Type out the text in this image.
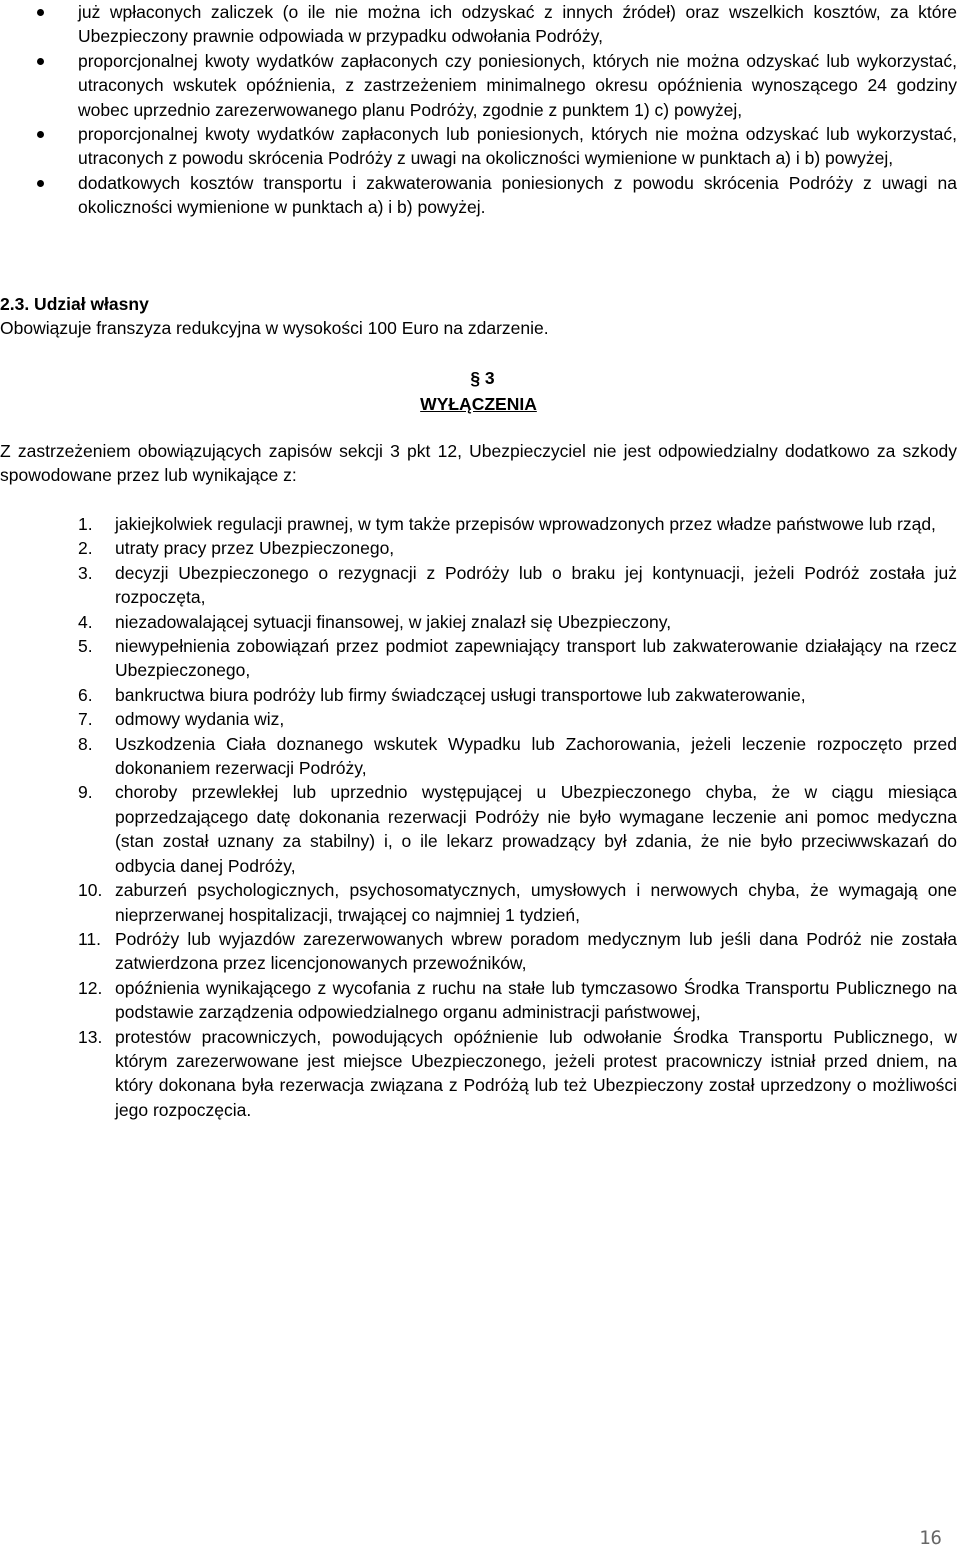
już wpłaconych zaliczek (o ile nie można ich odzyskać z innych źródeł) oraz wszelkich kosztów, za które Ubezpieczony prawnie odpowiada w przypadku odwołania Podróży,
proporcjonalnej kwoty wydatków zapłaconych czy poniesionych, których nie można odzyskać lub wykorzystać, utraconych wskutek opóźnienia, z zastrzeżeniem minimalnego okresu opóźnienia wynoszącego 24 godziny wobec uprzednio zarezerwowanego planu Podróży, zgodnie z punktem 1) c) powyżej,
proporcjonalnej kwoty wydatków zapłaconych lub poniesionych, których nie można odzyskać lub wykorzystać, utraconych z powodu skrócenia Podróży z uwagi na okoliczności wymienione w punktach a) i b) powyżej,
dodatkowych kosztów transportu i zakwaterowania poniesionych z powodu skrócenia Podróży z uwagi na okoliczności wymienione w punktach a) i b) powyżej.
2.3. Udział własny
Obowiązuje franszyza redukcyjna w wysokości 100 Euro na zdarzenie.
§ 3
WYŁĄCZENIA
Z zastrzeżeniem obowiązujących zapisów sekcji 3 pkt 12, Ubezpieczyciel nie jest odpowiedzialny dodatkowo za szkody spowodowane przez lub wynikające z:
1. jakiejkolwiek regulacji prawnej, w tym także przepisów wprowadzonych przez władze państwowe lub rząd,
2. utraty pracy przez Ubezpieczonego,
3. decyzji Ubezpieczonego o rezygnacji z Podróży lub o braku jej kontynuacji, jeżeli Podróż została już rozpoczęta,
4. niezadowalającej sytuacji finansowej, w jakiej znalazł się Ubezpieczony,
5. niewypełnienia zobowiązań przez podmiot zapewniający transport lub zakwaterowanie działający na rzecz Ubezpieczonego,
6. bankructwa biura podróży lub firmy świadczącej usługi transportowe lub zakwaterowanie,
7. odmowy wydania wiz,
8. Uszkodzenia Ciała doznanego wskutek Wypadku lub Zachorowania, jeżeli leczenie rozpoczęto przed dokonaniem rezerwacji Podróży,
9. choroby przewlekłej lub uprzednio występującej u Ubezpieczonego chyba, że w ciągu miesiąca poprzedzającego datę dokonania rezerwacji Podróży nie było wymagane leczenie ani pomoc medyczna (stan został uznany za stabilny) i, o ile lekarz prowadzący był zdania, że nie było przeciwwskazań do odbycia danej Podróży,
10. zaburzeń psychologicznych, psychosomatycznych, umysłowych i nerwowych chyba, że wymagają one nieprzerwanej hospitalizacji, trwającej co najmniej 1 tydzień,
11. Podróży lub wyjazdów zarezerwowanych wbrew poradom medycznym lub jeśli dana Podróż nie została zatwierdzona przez licencjonowanych przewoźników,
12. opóźnienia wynikającego z wycofania z ruchu na stałe lub tymczasowo Środka Transportu Publicznego na podstawie zarządzenia odpowiedzialnego organu administracji państwowej,
13. protestów pracowniczych, powodujących opóźnienie lub odwołanie Środka Transportu Publicznego, w którym zarezerwowane jest miejsce Ubezpieczonego, jeżeli protest pracowniczy istniał przed dniem, na który dokonana była rezerwacja związana z Podróżą lub też Ubezpieczony został uprzedzony o możliwości jego rozpoczęcia.
16
